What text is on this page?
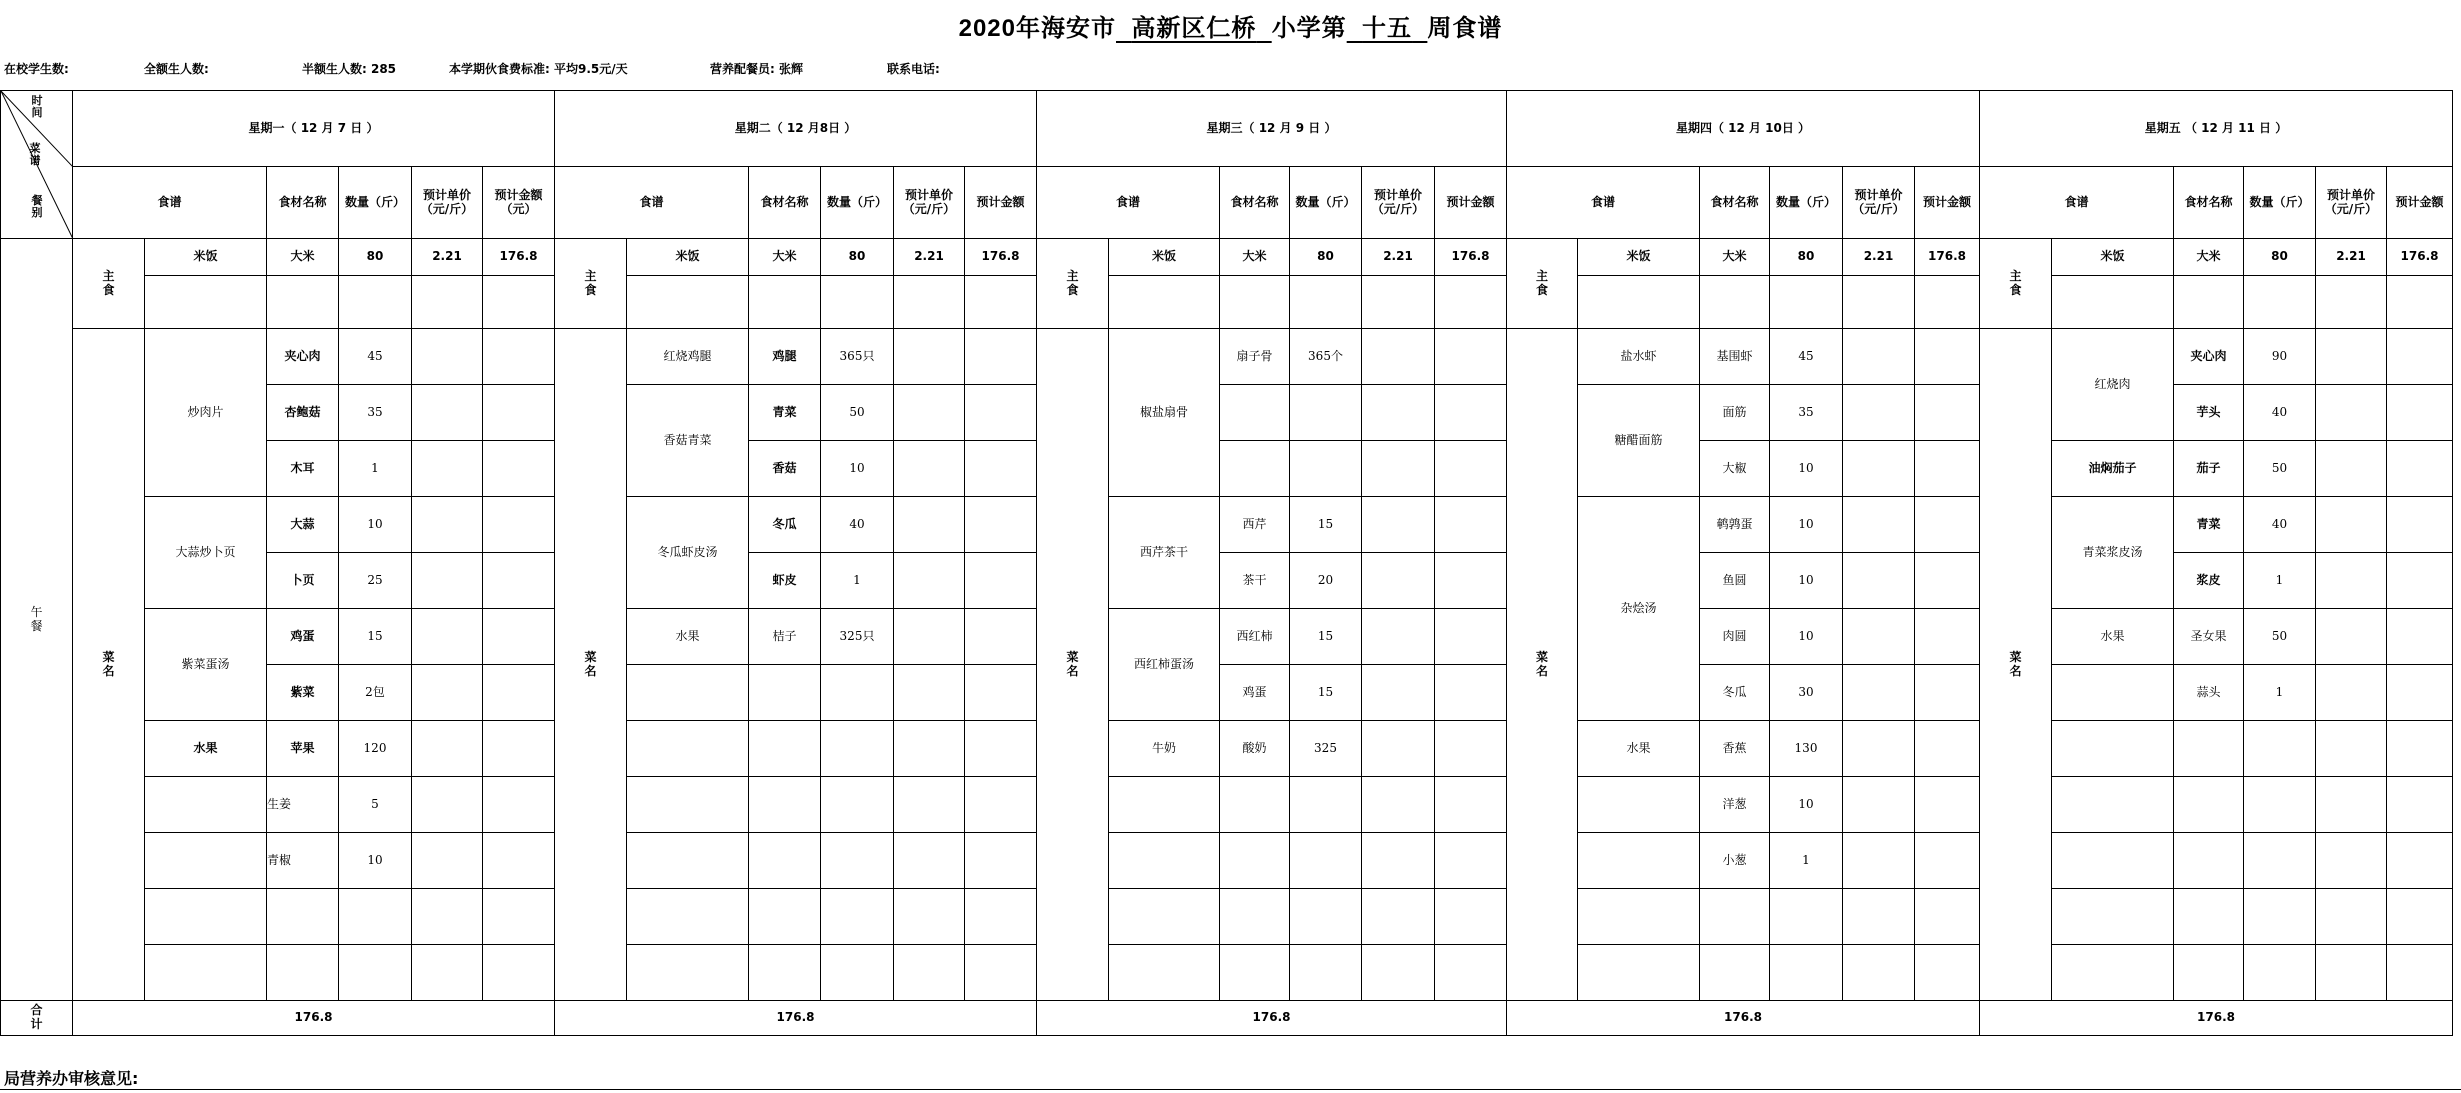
2020年海安市 高新区仁桥 小学第 十五 周食谱
在校学生数:	全额生人数:	半额生人数: 285	本学期伙食费标准: 平均9.5元/天	营养配餐员: 张辉	联系电话:
时间
菜谱
餐别	星期一（ 12 月 7 日 ）						星期二（ 12 月8日 ）						星期三（ 12 月 9 日 ）						星期四（ 12 月 10日 ）						星期五 （ 12 月 11 日 ）					
	食谱		食材名称	数量（斤）	预计单价（元/斤）	预计金额（元）	食谱		食材名称	数量（斤）	预计单价（元/斤）	预计金额	食谱		食材名称	数量（斤）	预计单价（元/斤）	预计金额	食谱		食材名称	数量（斤）	预计单价（元/斤）	预计金额	食谱		食材名称	数量（斤）	预计单价（元/斤）	预计金额
午餐	主食	米饭	大米	80	2.21	176.8	主食	米饭	大米	80	2.21	176.8	主食	米饭	大米	80	2.21	176.8	主食	米饭	大米	80	2.21	176.8	主食	米饭	大米	80	2.21	176.8

	菜名	炒肉片	夹心肉	45			菜名	红烧鸡腿	鸡腿	365只			菜名	椒盐扇骨	扇子骨	365个			菜名	盐水虾	基围虾	45			菜名	红烧肉	夹心肉	90		
			杏鲍菇	35				香菇青菜	青菜	50										糖醋面筋	面筋	35					芋头	40		
			木耳	1					香菇	10											大椒	10				油焖茄子	茄子	50		
		大蒜炒卜页	大蒜	10				冬瓜虾皮汤	冬瓜	40				西芹茶干	西芹	15				杂烩汤	鹌鹑蛋	10				青菜浆皮汤	青菜	40		
			卜页	25					虾皮	1					茶干	20					鱼圆	10					浆皮	1		
		紫菜蛋汤	鸡蛋	15				水果	桔子	325只				西红柿蛋汤	西红柿	15					肉圆	10				水果	圣女果	50		
			紫菜	2包											鸡蛋	15					冬瓜	30					蒜头	1		
		水果	苹果	120										牛奶	酸奶	325				水果	香蕉	130								
			生姜	5																	洋葱	10								
			青椒	10																	小葱	1								

合计	176.8						176.8						176.8						176.8						176.8					
局营养办审核意见:
